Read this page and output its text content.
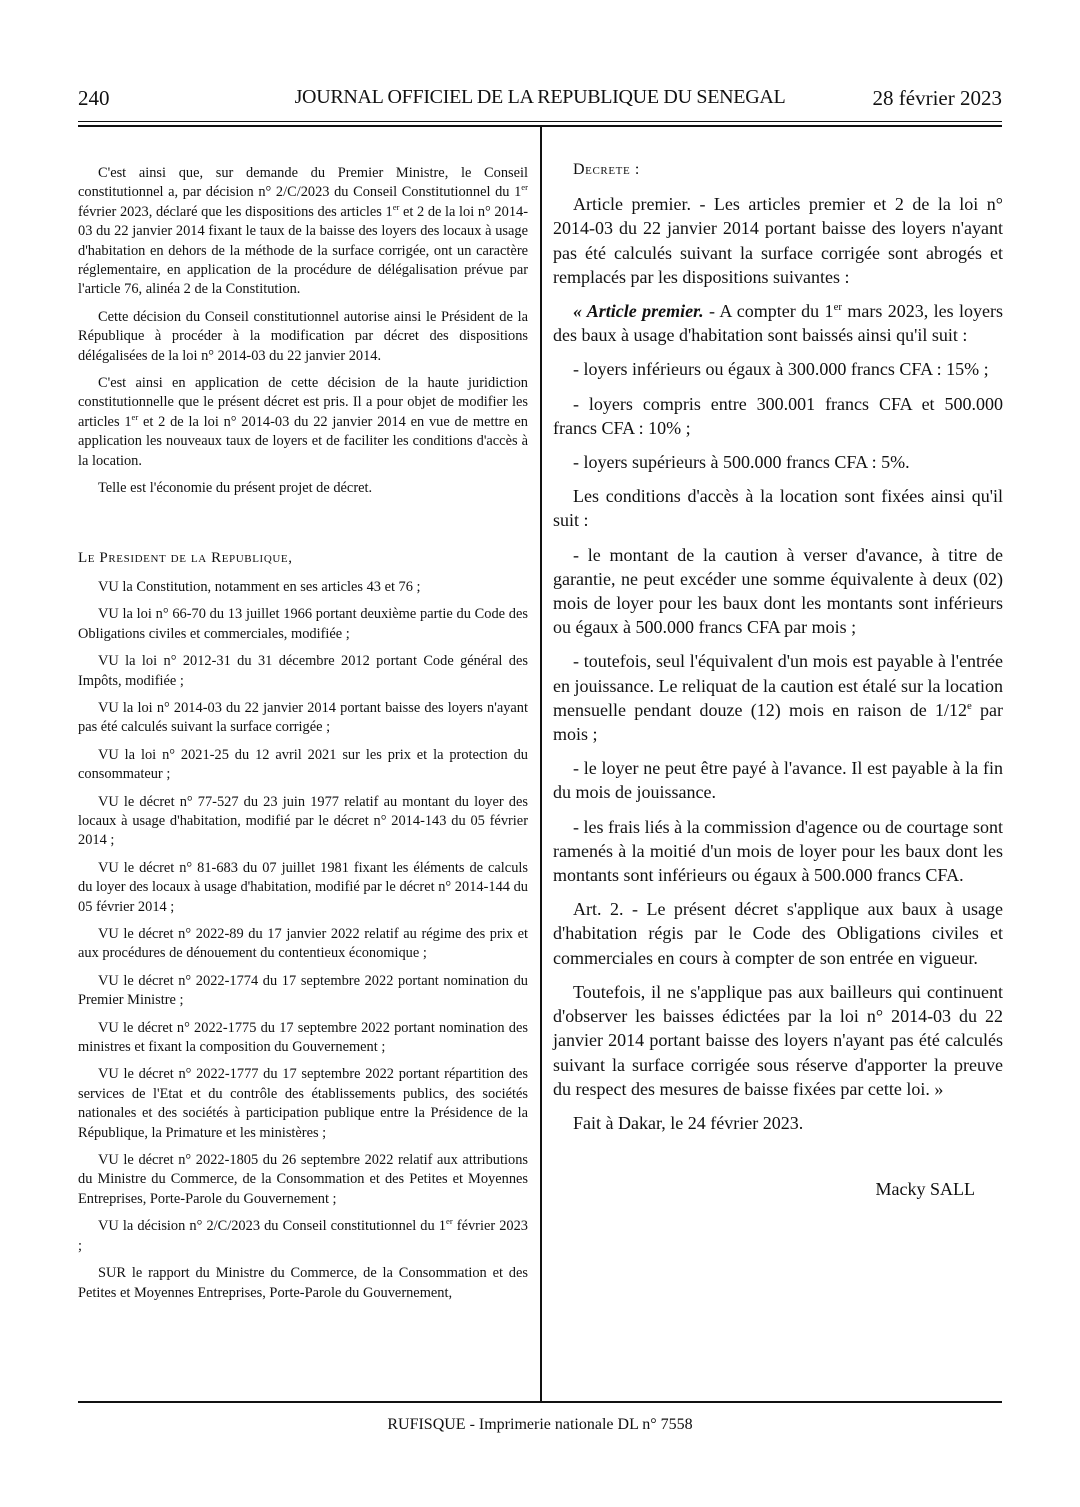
240	JOURNAL OFFICIEL DE LA REPUBLIQUE DU SENEGAL	28 février 2023

C'est ainsi que, sur demande du Premier Ministre, le Conseil constitutionnel a, par décision n° 2/C/2023 du Conseil Constitutionnel du 1er février 2023, déclaré que les dispositions des articles 1er et 2 de la loi n° 2014-03 du 22 janvier 2014 fixant le taux de la baisse des loyers des locaux à usage d'habitation en dehors de la méthode de la surface corrigée, ont un caractère réglementaire, en application de la procédure de délégalisation prévue par l'article 76, alinéa 2 de la Constitution.

Cette décision du Conseil constitutionnel autorise ainsi le Président de la République à procéder à la modification par décret des dispositions délégalisées de la loi n° 2014-03 du 22 janvier 2014.

C'est ainsi en application de cette décision de la haute juridiction constitutionnelle que le présent décret est pris. Il a pour objet de modifier les articles 1er et 2 de la loi n° 2014-03 du 22 janvier 2014 en vue de mettre en application les nouveaux taux de loyers et de faciliter les conditions d'accès à la location.

Telle est l'économie du présent projet de décret.

Le President de la Republique,

VU la Constitution, notamment en ses articles 43 et 76 ;

VU la loi n° 66-70 du 13 juillet 1966 portant deuxième partie du Code des Obligations civiles et commerciales, modifiée ;

VU la loi n° 2012-31 du 31 décembre 2012 portant Code général des Impôts, modifiée ;

VU la loi n° 2014-03 du 22 janvier 2014 portant baisse des loyers n'ayant pas été calculés suivant la surface corrigée ;

VU la loi n° 2021-25 du 12 avril 2021 sur les prix et la protection du consommateur ;

VU le décret n° 77-527 du 23 juin 1977 relatif au montant du loyer des locaux à usage d'habitation, modifié par le décret n° 2014-143 du 05 février 2014 ;

VU le décret n° 81-683 du 07 juillet 1981 fixant les éléments de calculs du loyer des locaux à usage d'habitation, modifié par le décret n° 2014-144 du 05 février 2014 ;

VU le décret n° 2022-89 du 17 janvier 2022 relatif au régime des prix et aux procédures de dénouement du contentieux économique ;

VU le décret n° 2022-1774 du 17 septembre 2022 portant nomination du Premier Ministre ;

VU le décret n° 2022-1775 du 17 septembre 2022 portant nomination des ministres et fixant la composition du Gouvernement ;

VU le décret n° 2022-1777 du 17 septembre 2022 portant répartition des services de l'Etat et du contrôle des établissements publics, des sociétés nationales et des sociétés à participation publique entre la Présidence de la République, la Primature et les ministères ;

VU le décret n° 2022-1805 du 26 septembre 2022 relatif aux attributions du Ministre du Commerce, de la Consommation et des Petites et Moyennes Entreprises, Porte-Parole du Gouvernement ;

VU la décision n° 2/C/2023 du Conseil constitutionnel du 1er février 2023 ;

SUR le rapport du Ministre du Commerce, de la Consommation et des Petites et Moyennes Entreprises, Porte-Parole du Gouvernement,

Decrete :

Article premier. - Les articles premier et 2 de la loi n° 2014-03 du 22 janvier 2014 portant baisse des loyers n'ayant pas été calculés suivant la surface corrigée sont abrogés et remplacés par les dispositions suivantes :

« Article premier. - A compter du 1er mars 2023, les loyers des baux à usage d'habitation sont baissés ainsi qu'il suit :

- loyers inférieurs ou égaux à 300.000 francs CFA : 15% ;

- loyers compris entre 300.001 francs CFA et 500.000 francs CFA : 10% ;

- loyers supérieurs à 500.000 francs CFA : 5%.

Les conditions d'accès à la location sont fixées ainsi qu'il suit :

- le montant de la caution à verser d'avance, à titre de garantie, ne peut excéder une somme équivalente à deux (02) mois de loyer pour les baux dont les montants sont inférieurs ou égaux à 500.000 francs CFA par mois ;

- toutefois, seul l'équivalent d'un mois est payable à l'entrée en jouissance. Le reliquat de la caution est étalé sur la location mensuelle pendant douze (12) mois en raison de 1/12e par mois ;

- le loyer ne peut être payé à l'avance. Il est payable à la fin du mois de jouissance.

- les frais liés à la commission d'agence ou de courtage sont ramenés à la moitié d'un mois de loyer pour les baux dont les montants sont inférieurs ou égaux à 500.000 francs CFA.

Art. 2. - Le présent décret s'applique aux baux à usage d'habitation régis par le Code des Obligations civiles et commerciales en cours à compter de son entrée en vigueur.

Toutefois, il ne s'applique pas aux bailleurs qui continuent d'observer les baisses édictées par la loi n° 2014-03 du 22 janvier 2014 portant baisse des loyers n'ayant pas été calculés suivant la surface corrigée sous réserve d'apporter la preuve du respect des mesures de baisse fixées par cette loi. »

Fait à Dakar, le 24 février 2023.

Macky SALL

RUFISQUE - Imprimerie nationale DL n° 7558
